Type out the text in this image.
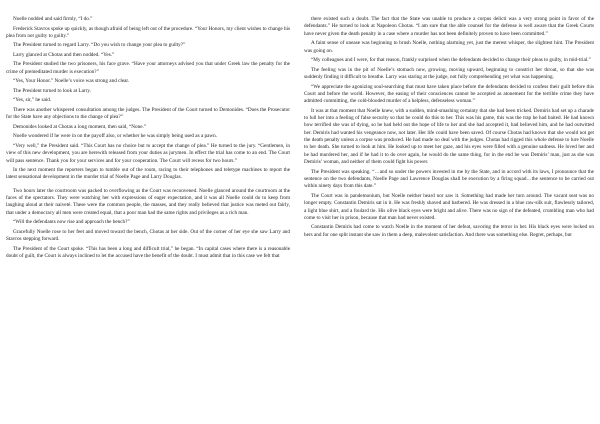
Noelle nodded and said firmly, “I do.”

Frederick Stavros spoke up quickly, as though afraid of being left out of the procedure. “Your Honors, my client wishes to change his plea from not guilty to guilty.”

The President turned to regard Larry. “Do you wish to change your plea to guilty?”

Larry glanced at Chotas and then nodded. “Yes.”

The President studied the two prisoners, his face grave. “Have your attorneys advised you that under Greek law the penalty for the crime of premeditated murder is execution?”

“Yes, Your Honor.” Noelle’s voice was strong and clear.

The President turned to look at Larry.

“Yes, sir,” he said.

There was another whispered consultation among the judges. The President of the Court turned to Demonides. “Does the Prosecutor for the State have any objections to the change of plea?”

Demonides looked at Chotas a long moment, then said, “None.”

Noelle wondered if he were in on the payoff also, or whether he was simply being used as a pawn.

“Very well,” the President said. “This Court has no choice but to accept the change of plea.” He turned to the jury. “Gentlemen, in view of this new development, you are herewith released from your duties as jurymen. In effect the trial has come to an end. The Court will pass sentence. Thank you for your services and for your cooperation. The Court will recess for two hours.”

In the next moment the reporters began to tumble out of the room, racing to their telephones and teletype machines to report the latest sensational development in the murder trial of Noelle Page and Larry Douglas.

Two hours later the courtroom was packed to overflowing as the Court was reconvened. Noelle glanced around the courtroom at the faces of the spectators. They were watching her with expressions of eager expectation, and it was all Noelle could do to keep from laughing aloud at their naiveté. These were the common people, the masses, and they really believed that justice was meted out fairly, that under a democracy all men were created equal, that a poor man had the same rights and privileges as a rich man.

“Will the defendants now rise and approach the bench?”

Gracefully Noelle rose to her feet and moved toward the bench, Chotas at her side. Out of the corner of her eye she saw Larry and Stavros stepping forward.

The President of the Court spoke. “This has been a long and difficult trial,” he began. “In capital cases where there is a reasonable doubt of guilt, the Court is always inclined to let the accused have the benefit of the doubt. I must admit that in this case we felt that

there existed such a doubt. The fact that the State was unable to produce a corpus delicti was a very strong point in favor of the defendants.” He turned to look at Napoleon Chotas. “I am sure that the able counsel for the defense is well aware that the Greek Courts have never given the death penalty in a case where a murder has not been definitely proven to have been committed.”

A faint sense of unease was beginning to brush Noelle, nothing alarming yet, just the merest whisper, the slightest hint. The President was going on.

“My colleagues and I were, for that reason, frankly surprised when the defendants decided to change their pleas to guilty, in mid-trial.”

The feeling was in the pit of Noelle’s stomach now, growing, moving upward, beginning to constrict her throat, so that she was suddenly finding it difficult to breathe. Larry was staring at the judge, not fully comprehending yet what was happening.

“We appreciate the agonizing soul-searching that must have taken place before the defendants decided to confess their guilt before this Court and before the world. However, the easing of their consciences cannot be accepted as atonement for the terrible crime they have admitted committing, the cold-blooded murder of a helpless, defenseless woman.”

It was at that moment that Noelle knew, with a sudden, mind-smashing certainty that she had been tricked. Demiris had set up a charade to lull her into a feeling of false security so that he could do this to her. This was his game, this was the trap he had baited. He had known how terrified she was of dying, so he had held out the hope of life to her and she had accepted it, had believed him, and he had outwitted her. Demiris had wanted his vengeance now, not later. Her life could have been saved. Of course Chotas had known that she would not get the death penalty unless a corpse was produced. He had made no deal with the judges. Chotas had rigged this whole defense to lure Noelle to her death. She turned to look at him. He looked up to meet her gaze, and his eyes were filled with a genuine sadness. He loved her and he had murdered her, and if he had it to do over again, he would do the same thing, for in the end he was Demiris’ man, just as she was Demiris’ woman, and neither of them could fight his power.

The President was speaking. “…and so under the powers invested in me by the State, and in accord with its laws, I pronounce that the sentence on the two defendants, Noelle Page and Lawrence Douglas shall be execution by a firing squad…the sentence to be carried out within ninety days from this date.”

The Court was in pandemonium, but Noelle neither heard nor saw it. Something had made her turn around. The vacant seat was no longer empty. Constantin Demiris sat in it. He was freshly shaved and barbered. He was dressed in a blue raw-silk suit, flawlessly tailored, a light blue shirt, and a foulard tie. His olive black eyes were bright and alive. There was no sign of the defeated, crumbling man who had come to visit her in prison, because that man had never existed.

Constantin Demiris had come to watch Noelle in the moment of her defeat, savoring the terror in her. His black eyes were locked on hers and for one split instant she saw in them a deep, malevolent satisfaction. And there was something else. Regret, perhaps, but
